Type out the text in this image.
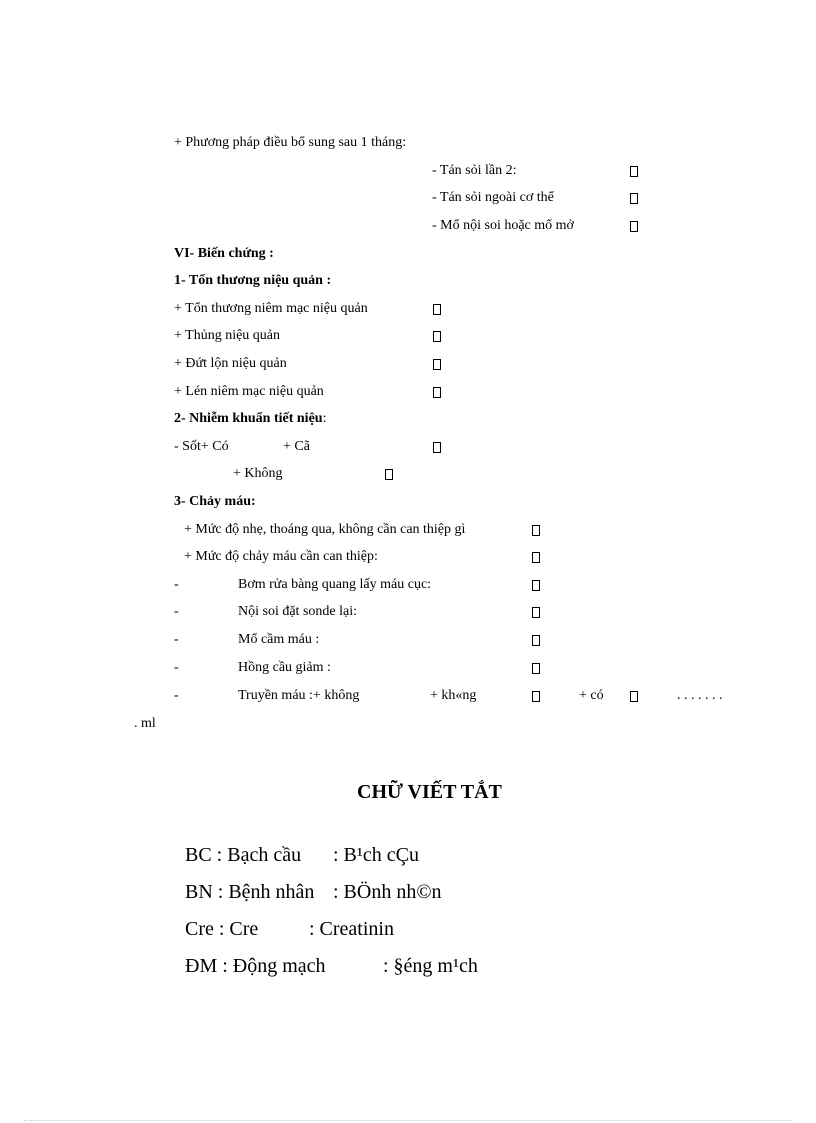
+ Phương pháp điều bổ sung sau 1 tháng:
- Tán sỏi lần 2:
- Tán sỏi ngoài cơ thể
- Mổ nội soi hoặc mổ mở
VI- Biến chứng :
1- Tổn thương niệu quản :
+ Tổn thương niêm mạc niệu quản
+ Thủng niệu quản
+ Đứt lộn niệu quản
+ Lén niêm mạc niệu quản
2- Nhiễm khuẩn tiết niệu:
- Sốt+ Có	+ Cã
+ Không
3- Chảy máu:
+ Mức độ nhẹ, thoáng qua, không cần can thiệp gì
+ Mức độ chảy máu cần can thiệp:
-	Bơm rửa bàng quang lấy máu cục:
-	Nội soi đặt sonde lại:
-	Mổ cầm máu :
-	Hồng cầu giảm :
-	Truyền máu :+ không	+ kh«ng	+ có	. . . . . . .
. ml
CHỮ VIẾT TẮT
BC : Bạch cầu : B¹ch cÇu
BN : Bệnh nhân : BÖnh nh©n
Cre : Cre	: Creatinin
ĐM : Động mạch	: §éng m¹ch
